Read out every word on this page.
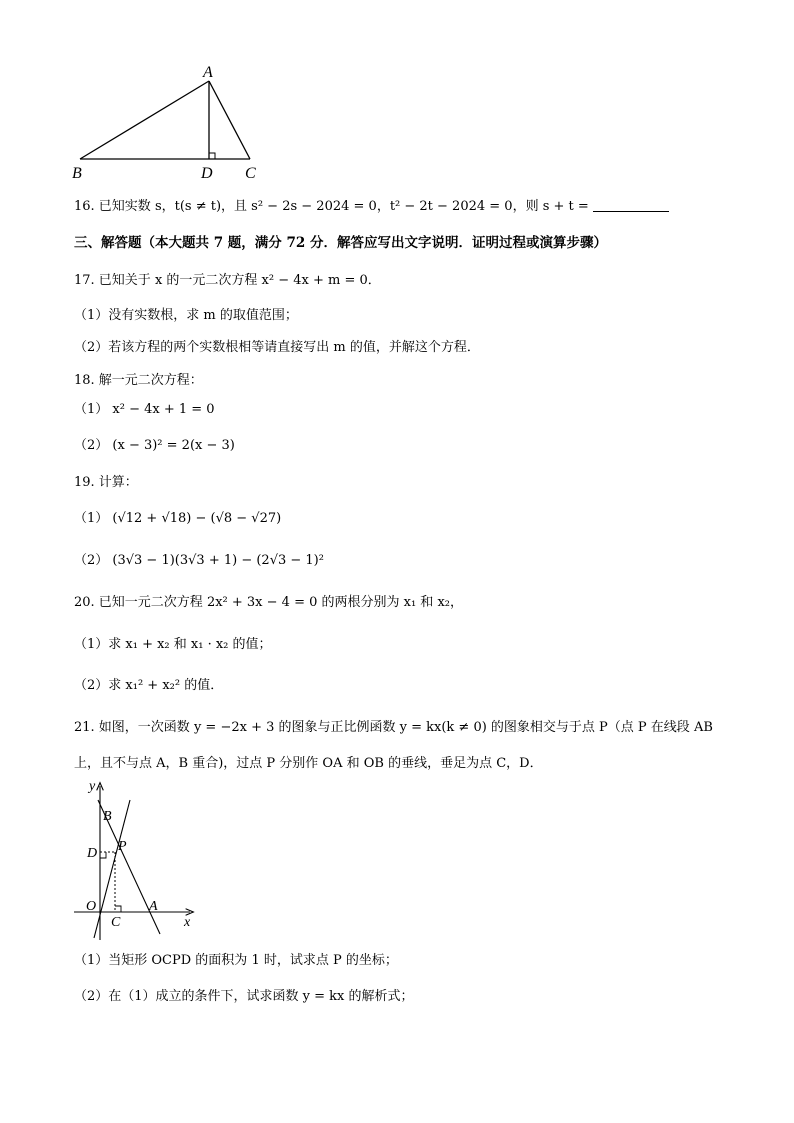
A
B	D C
16. 已知实数 s，t(s ≠ t)，且 s² − 2s − 2024 = 0，t² − 2t − 2024 = 0，则 s + t =
三、解答题（本大题共 7 题，满分 72 分．解答应写出文字说明．证明过程或演算步骤）
17. 已知关于 x 的一元二次方程 x² − 4x + m = 0．
（1）没有实数根，求 m 的取值范围；
（2）若该方程的两个实数根相等请直接写出 m 的值，并解这个方程．
18. 解一元二次方程：
（1） x² − 4x + 1 = 0
（2） (x − 3)² = 2(x − 3)
19. 计算：
（1） (√12 + √18) − (√8 − √27)
（2） (3√3 − 1)(3√3 + 1) − (2√3 − 1)²
20. 已知一元二次方程 2x² + 3x − 4 = 0 的两根分别为 x₁ 和 x₂，
（1）求 x₁ + x₂ 和 x₁ · x₂ 的值；
（2）求 x₁² + x₂² 的值．
21. 如图，一次函数 y = −2x + 3 的图象与正比例函数 y = kx(k ≠ 0) 的图象相交与于点 P（点 P 在线段 AB
上，且不与点 A，B 重合)，过点 P 分别作 OA 和 OB 的垂线，垂足为点 C，D．
y
x
O	A
B
C
D P
（1）当矩形 OCPD 的面积为 1 时，试求点 P 的坐标；
（2）在（1）成立的条件下，试求函数 y = kx 的解析式；
